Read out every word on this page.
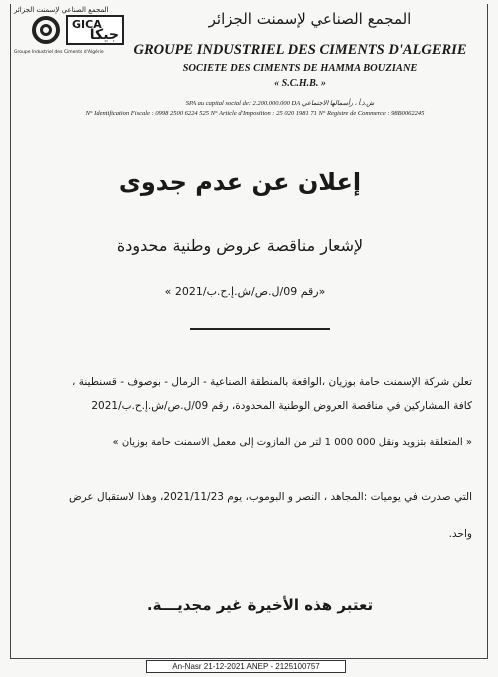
المجمع الصناعي لإسمنت الجزائر
GICA
جيكا
Groupe Industriel des Ciments d'Algérie
المجمع الصناعي لإسمنت الجزائر
GROUPE INDUSTRIEL DES CIMENTS D'ALGERIE
SOCIETE DES CIMENTS DE HAMMA BOUZIANE
« S.C.H.B. »
SPA au capital social de: 2.200.000.000 DA ش.ذ.أ ، رأسمالها الاجتماعي
N° Identification Fiscale : 0998 2500 6224 525 N° Article d'Imposition : 25 020 1981 71 N° Registre de Commerce : 98B0062245
إعلان عن عدم جدوى
لإشعار مناقصة عروض وطنية محدودة
«رقم 09/ل.ص/ش.إ.ح.ب/2021 »
تعلن شركة الإسمنت حامة بوزيان ،الواقعة بالمنطقة الصناعية - الرمال - بوصوف - قسنطينة ،
كافة المشاركين في مناقصة العروض الوطنية المحدودة، رقم 09/ل.ص/ش.إ.ح.ب/2021
« المتعلقة بتزويد ونقل 000 000 1 لتر من المازوت إلى معمل الاسمنت حامة بوزيان »
التي صدرت في يوميات :المجاهد ، النصر و البوموب، يوم 2021/11/23، وهذا لاستقبال عرض
واحد.
تعتبر هذه الأخيرة غير مجديـــة.
An-Nasr 21-12-2021 ANEP - 2125100757
